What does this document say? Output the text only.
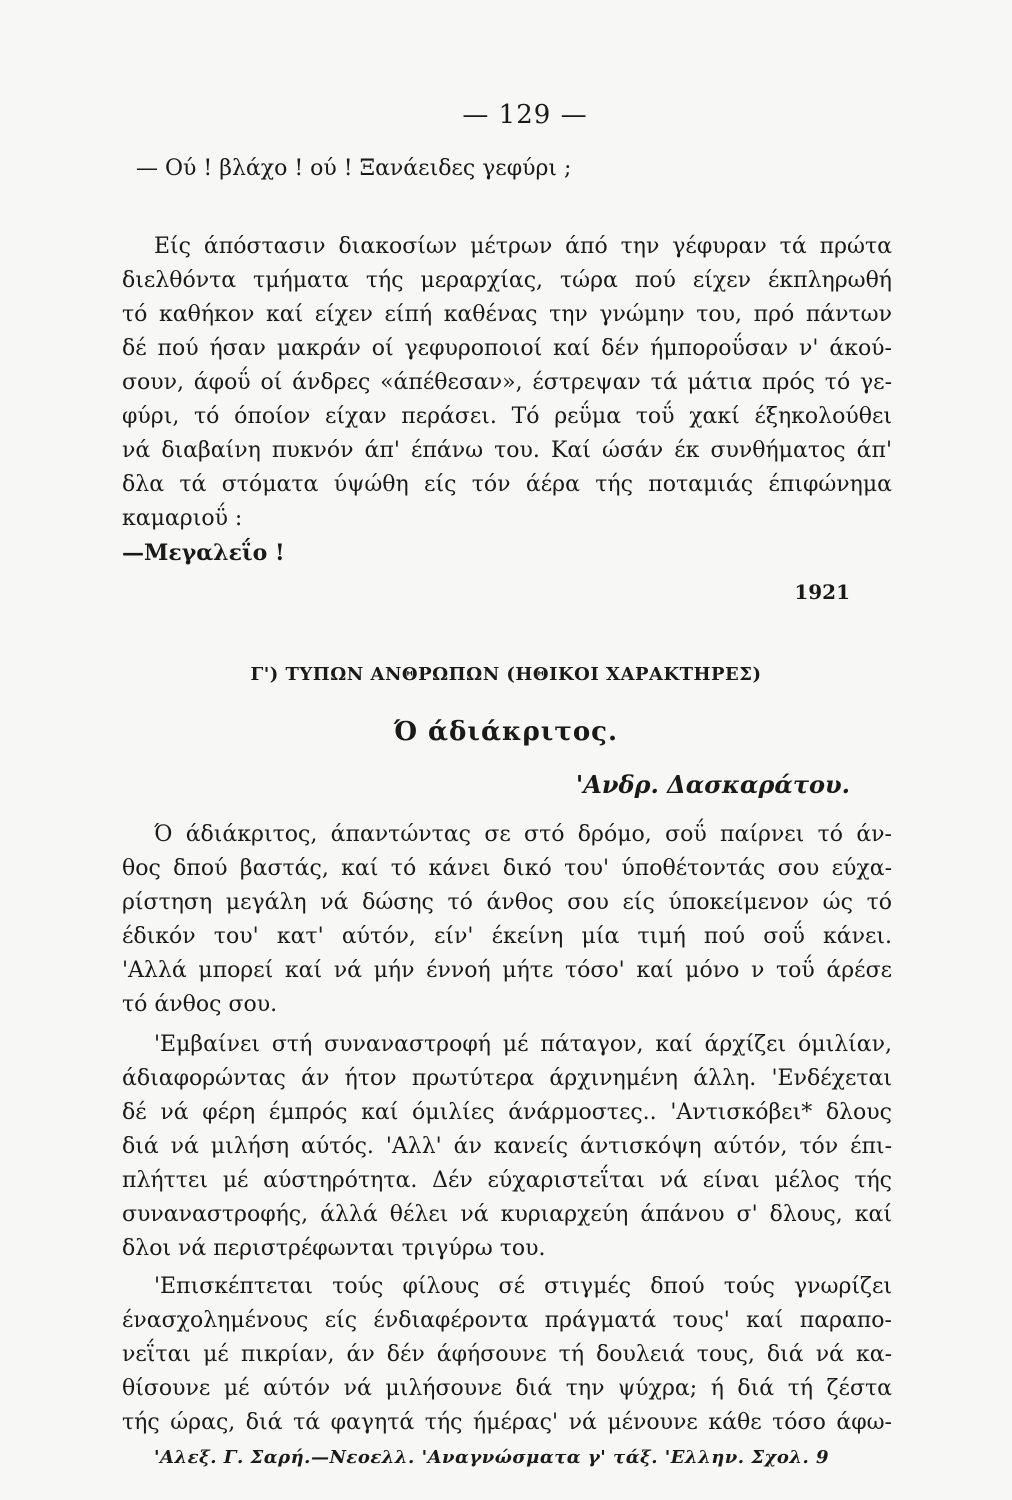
— 129 —
— Ού ! βλάχο ! ού ! Ξανάειδες γεφύρι ;
Είς άπόστασιν διακοσίων μέτρων άπό την γέφυραν τά πρώτα
διελθόντα τμήματα τής μεραρχίας, τώρα πού είχεν έκπληρωθή
τό καθήκον καί είχεν είπή καθένας την γνώμην του, πρό πάντων
δέ πού ήσαν μακράν οί γεφυροποιοί καί δέν ήμποροΰσαν ν' άκού-
σουν, άφοΰ οί άνδρες «άπέθεσαν», έστρεψαν τά μάτια πρός τό γε-
φύρι, τό όποίον είχαν περάσει. Τό ρεΰμα τοΰ χακί έξηκολούθει
νά διαβαίνη πυκνόν άπ' έπάνω του. Καί ώσάν έκ συνθήματος άπ'
δλα τά στόματα ύψώθη είς τόν άέρα τής ποταμιάς έπιφώνημα
καμαριοΰ :
—Μεγαλεΐο !
1921
Γ') ΤΥΠΩΝ ΑΝΘΡΩΠΩΝ (ΗΘΙΚΟΙ ΧΑΡΑΚΤΗΡΕΣ)
Ό άδιάκριτος.
'Ανδρ. Δασκαράτου.
Ό άδιάκριτος, άπαντώντας σε στό δρόμο, σοΰ παίρνει τό άν-
θος δπού βαστάς, καί τό κάνει δικό του' ύποθέτοντάς σου εύχα-
ρίστηση μεγάλη νά δώσης τό άνθος σου είς ύποκείμενον ώς τό
έδικόν του' κατ' αύτόν, είν' έκείνη μία τιμή πού σοΰ κάνει.
'Αλλά μπορεί καί νά μήν έννοή μήτε τόσο' καί μόνο ν τοΰ άρέσε
τό άνθος σου.
'Εμβαίνει στή συναναστροφή μέ πάταγον, καί άρχίζει όμιλίαν,
άδιαφορώντας άν ήτον πρωτύτερα άρχινημένη άλλη. 'Ενδέχεται
δέ νά φέρη έμπρός καί όμιλίες άνάρμοστες.. 'Αντισκόβει* δλους
διά νά μιλήση αύτός. 'Αλλ' άν κανείς άντισκόψη αύτόν, τόν έπι-
πλήττει μέ αύστηρότητα. Δέν εύχαριστεΐται νά είναι μέλος τής
συναναστροφής, άλλά θέλει νά κυριαρχεύη άπάνου σ' δλους, καί
δλοι νά περιστρέφωνται τριγύρω του.
'Επισκέπτεται τούς φίλους σέ στιγμές δπού τούς γνωρίζει
ένασχολημένους είς ένδιαφέροντα πράγματά τους' καί παραπο-
νεΐται μέ πικρίαν, άν δέν άφήσουνε τή δουλειά τους, διά νά κα-
θίσουνε μέ αύτόν νά μιλήσουνε διά την ψύχρα; ή διά τή ζέστα
τής ώρας, διά τά φαγητά τής ήμέρας' νά μένουνε κάθε τόσο άφω-
'Αλεξ. Γ. Σαρή.—Νεοελλ. 'Αναγνώσματα γ' τάξ. 'Ελλην. Σχολ. 9
